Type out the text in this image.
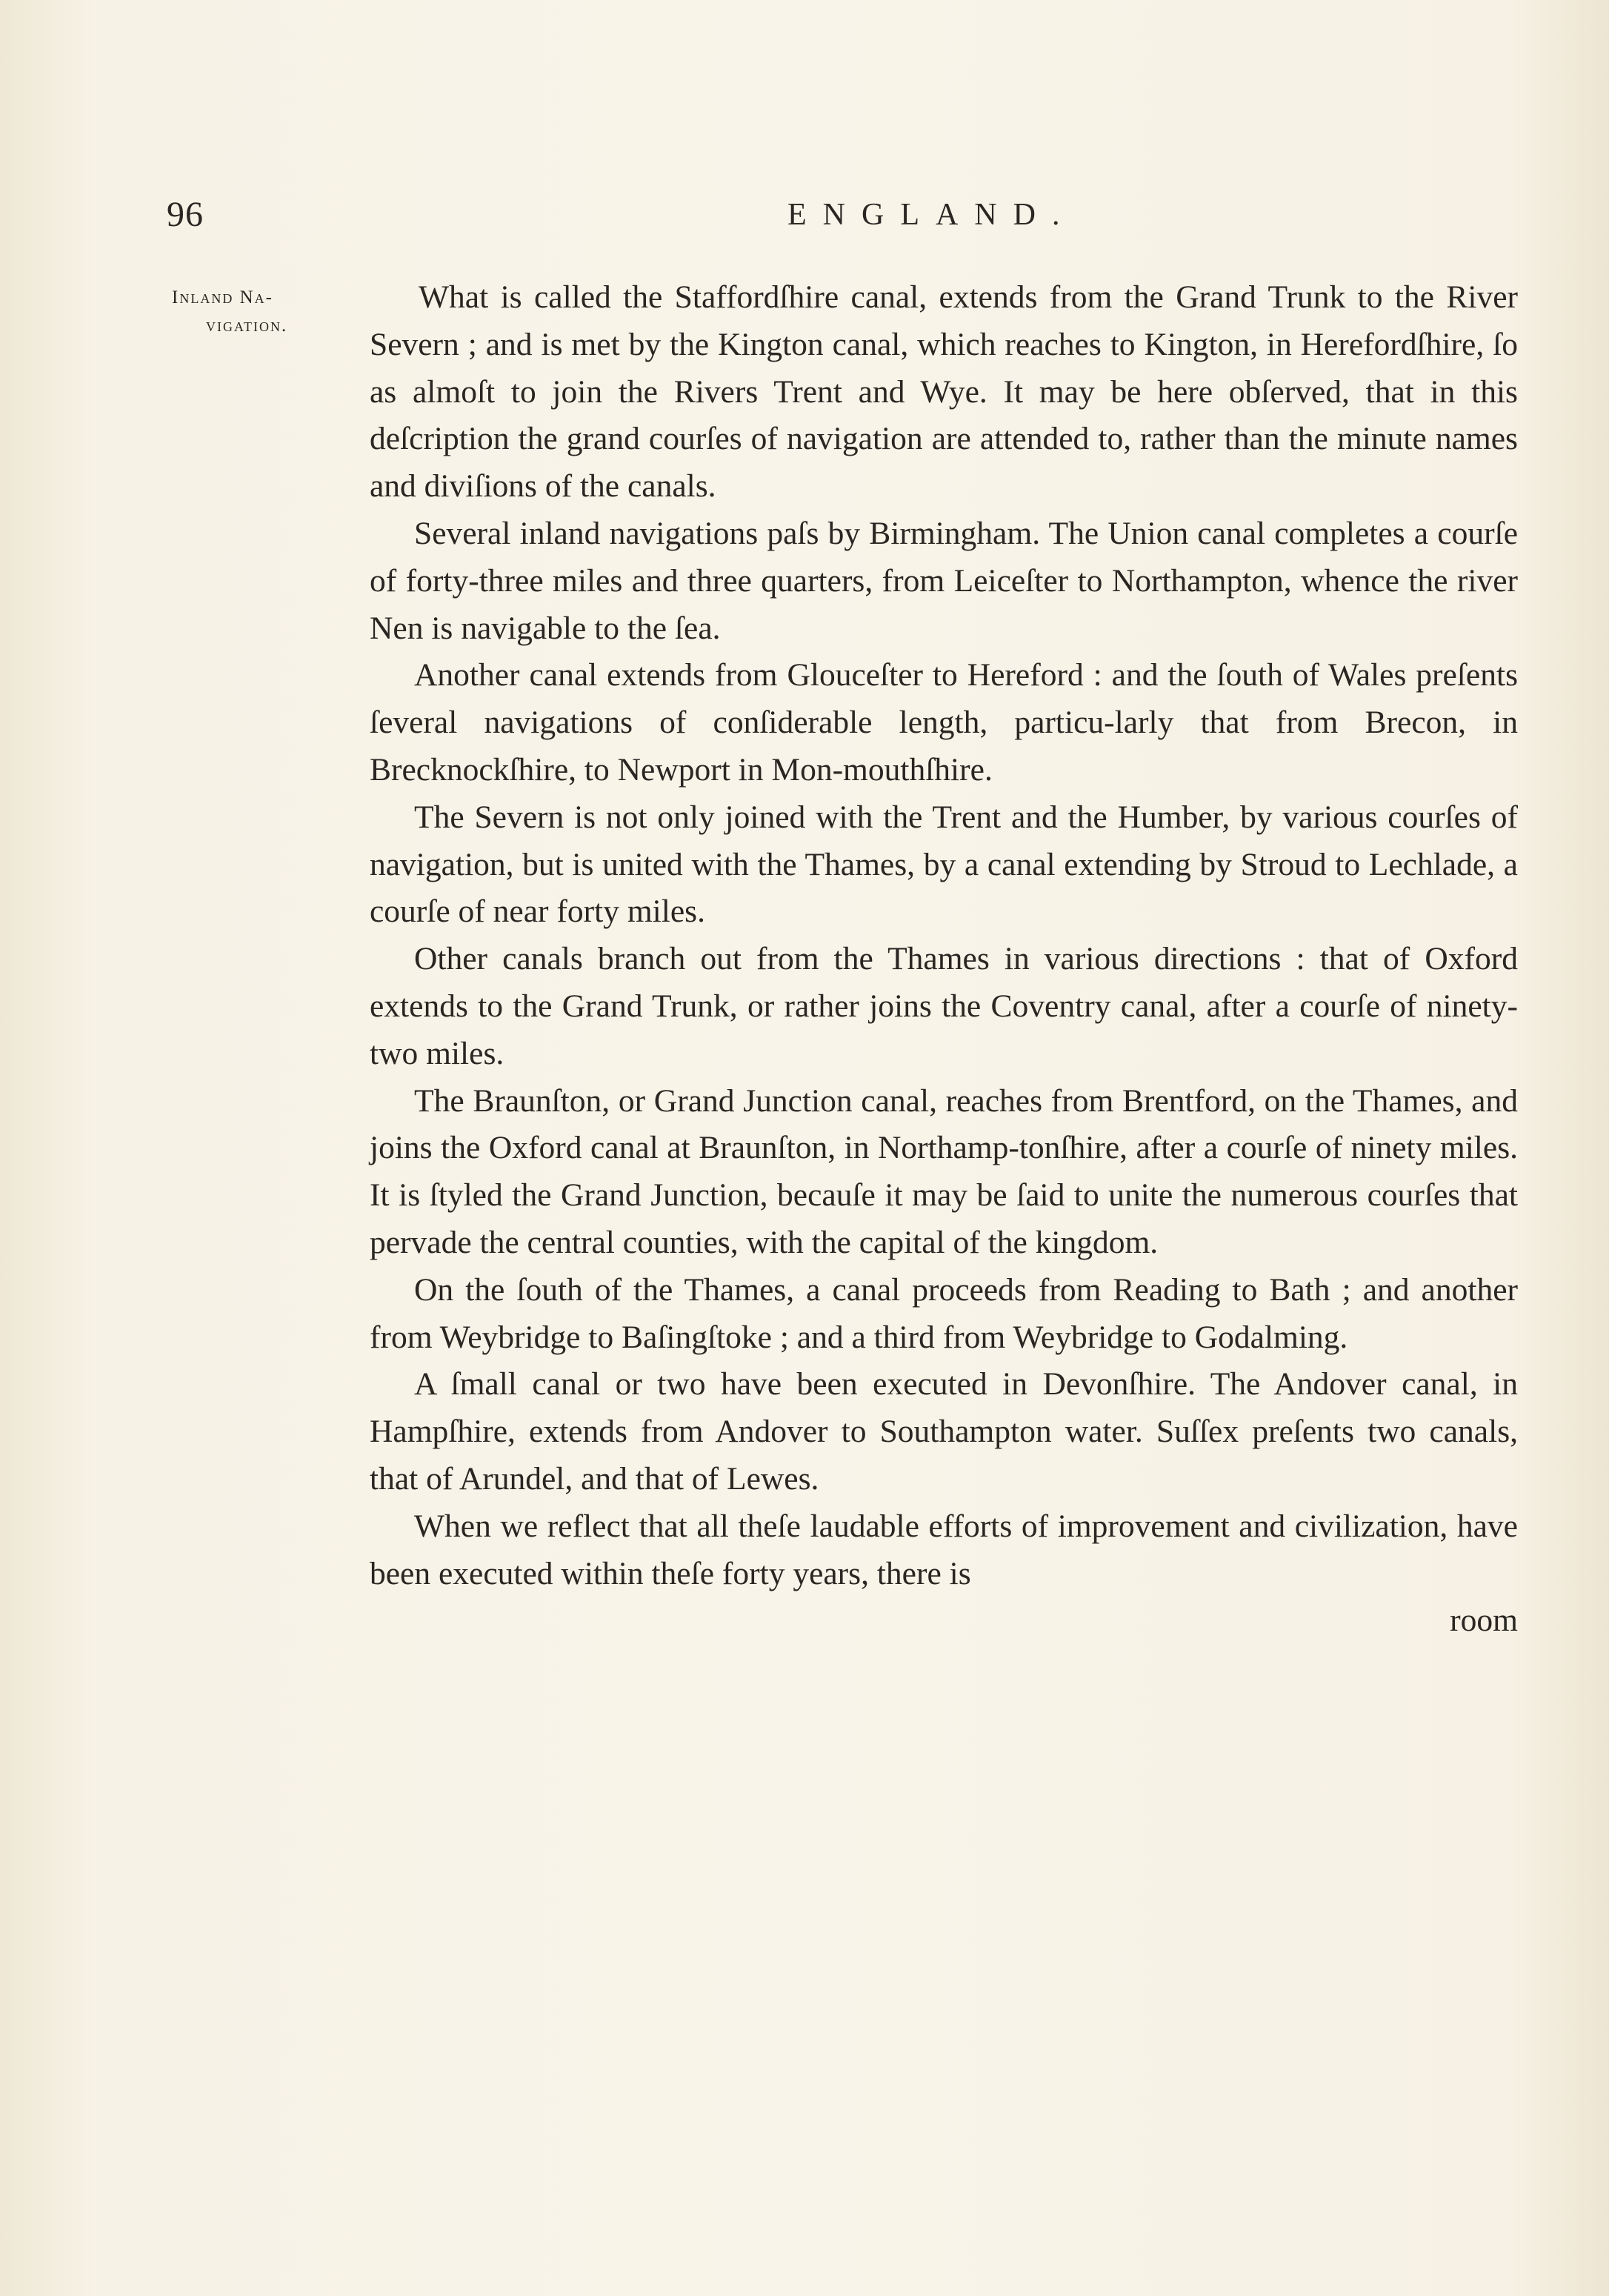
96	ENGLAND.
Inland Na-
vigation.

What is called the Staffordſhire canal, extends from the Grand Trunk to the River Severn ; and is met by the Kington canal, which reaches to Kington, in Herefordſhire, ſo as almoſt to join the Rivers Trent and Wye. It may be here obſerved, that in this deſcription the grand courſes of navigation are attended to, rather than the minute names and diviſions of the canals.

Several inland navigations paſs by Birmingham. The Union canal completes a courſe of forty-three miles and three quarters, from Leiceſter to Northampton, whence the river Nen is navigable to the ſea.

Another canal extends from Glouceſter to Hereford : and the ſouth of Wales preſents ſeveral navigations of conſiderable length, particu-larly that from Brecon, in Brecknockſhire, to Newport in Mon-mouthſhire.

The Severn is not only joined with the Trent and the Humber, by various courſes of navigation, but is united with the Thames, by a canal extending by Stroud to Lechlade, a courſe of near forty miles.

Other canals branch out from the Thames in various directions : that of Oxford extends to the Grand Trunk, or rather joins the Coventry canal, after a courſe of ninety-two miles.

The Braunſton, or Grand Junction canal, reaches from Brentford, on the Thames, and joins the Oxford canal at Braunſton, in Northamp-tonſhire, after a courſe of ninety miles. It is ſtyled the Grand Junction, becauſe it may be ſaid to unite the numerous courſes that pervade the central counties, with the capital of the kingdom.

On the ſouth of the Thames, a canal proceeds from Reading to Bath ; and another from Weybridge to Baſingſtoke ; and a third from Weybridge to Godalming.

A ſmall canal or two have been executed in Devonſhire. The Andover canal, in Hampſhire, extends from Andover to Southampton water. Suſſex preſents two canals, that of Arundel, and that of Lewes.

When we reflect that all theſe laudable efforts of improvement and civilization, have been executed within theſe forty years, there is

room
